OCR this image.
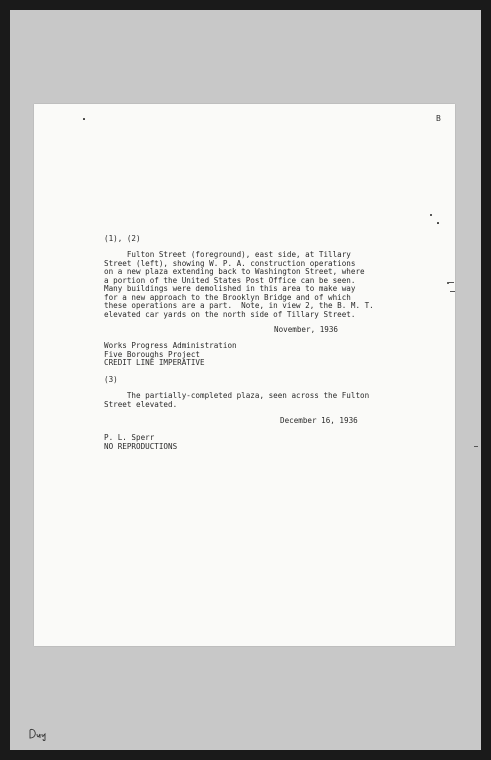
B

(1), (2)

Fulton Street (foreground), east side, at Tillary
Street (left), showing W. P. A. construction operations
on a new plaza extending back to Washington Street, where
a portion of the United States Post Office can be seen.
Many buildings were demolished in this area to make way
for a new approach to the Brooklyn Bridge and of which
these operations are a part.  Note, in view 2, the B. M. T.
elevated car yards on the north side of Tillary Street.

November, 1936

Works Progress Administration
Five Boroughs Project
CREDIT LINE IMPERATIVE

(3)

The partially-completed plaza, seen across the Fulton
Street elevated.

December 16, 1936

P. L. Sperr
NO REPRODUCTIONS
